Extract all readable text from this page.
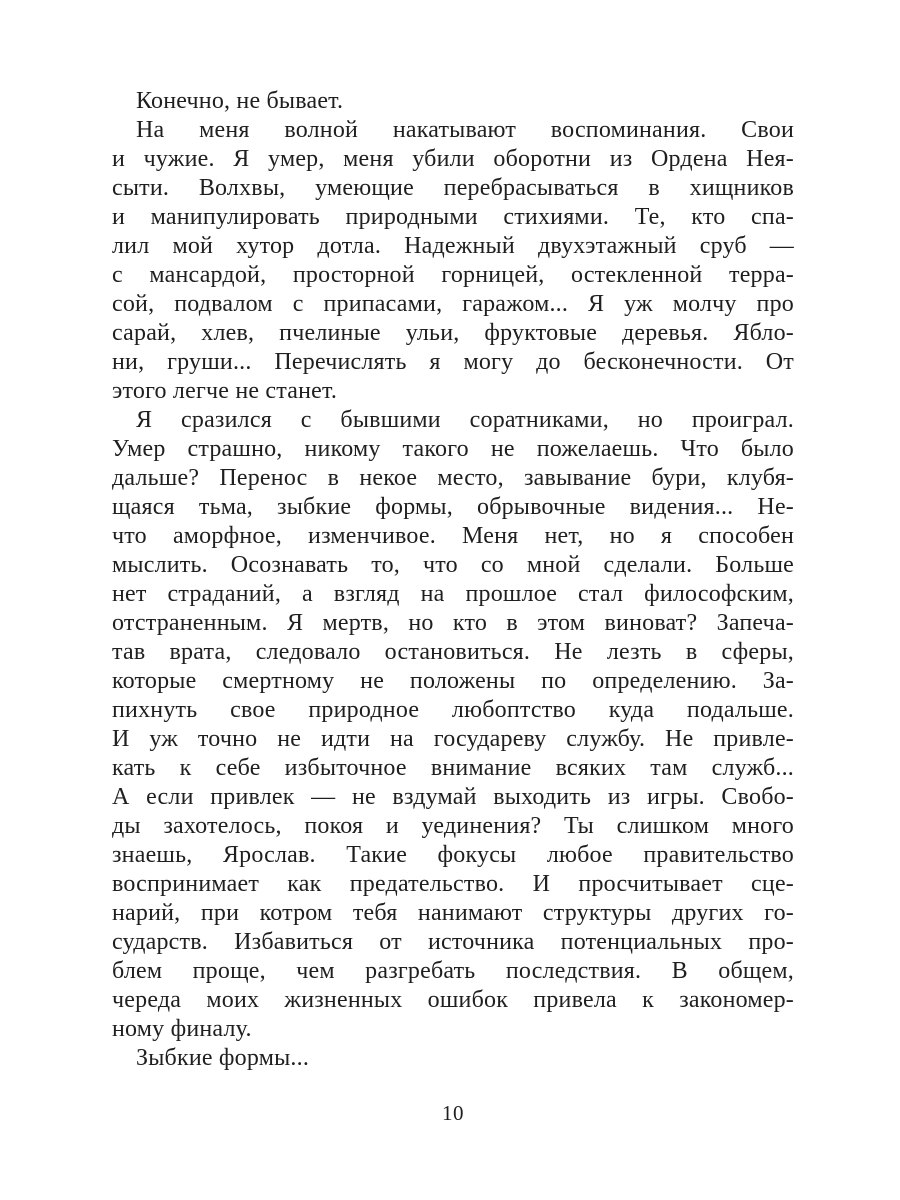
Конечно, не бывает.
На меня волной накатывают воспоминания. Свои
и чужие. Я умер, меня убили оборотни из Ордена Нея-
сыти. Волхвы, умеющие перебрасываться в хищников
и манипулировать природными стихиями. Те, кто спа-
лил мой хутор дотла. Надежный двухэтажный сруб —
с мансардой, просторной горницей, остекленной терра-
сой, подвалом с припасами, гаражом... Я уж молчу про
сарай, хлев, пчелиные ульи, фруктовые деревья. Ябло-
ни, груши... Перечислять я могу до бесконечности. От
этого легче не станет.
Я сразился с бывшими соратниками, но проиграл.
Умер страшно, никому такого не пожелаешь. Что было
дальше? Перенос в некое место, завывание бури, клубя-
щаяся тьма, зыбкие формы, обрывочные видения... Не-
что аморфное, изменчивое. Меня нет, но я способен
мыслить. Осознавать то, что со мной сделали. Больше
нет страданий, а взгляд на прошлое стал философским,
отстраненным. Я мертв, но кто в этом виноват? Запеча-
тав врата, следовало остановиться. Не лезть в сферы,
которые смертному не положены по определению. За-
пихнуть свое природное любоптство куда подальше.
И уж точно не идти на государеву службу. Не привле-
кать к себе избыточное внимание всяких там служб...
А если привлек — не вздумай выходить из игры. Свобо-
ды захотелось, покоя и уединения? Ты слишком много
знаешь, Ярослав. Такие фокусы любое правительство
воспринимает как предательство. И просчитывает сце-
нарий, при котром тебя нанимают структуры других го-
сударств. Избавиться от источника потенциальных про-
блем проще, чем разгребать последствия. В общем,
череда моих жизненных ошибок привела к закономер-
ному финалу.
Зыбкие формы...
10
